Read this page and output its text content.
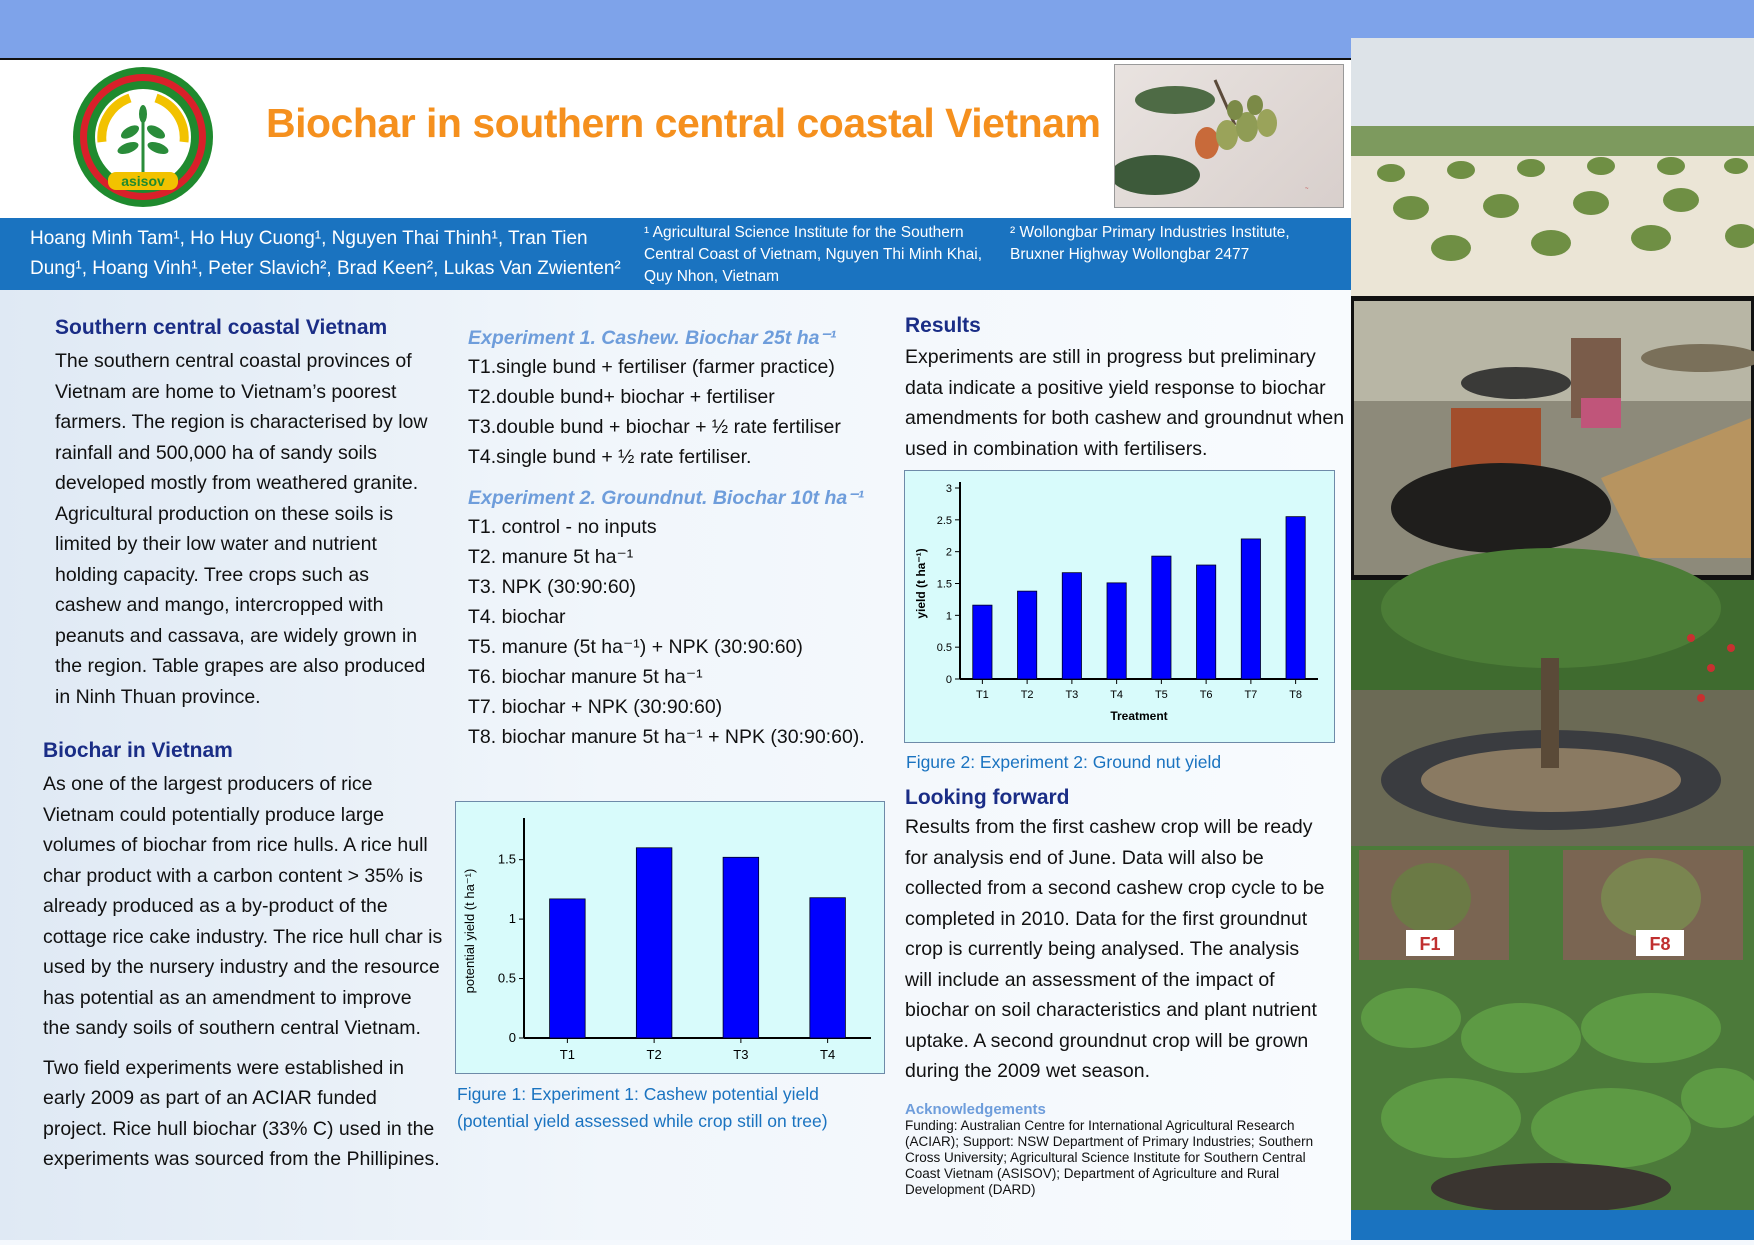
asisov
Biochar in southern central coastal Vietnam
~
Hoang Minh Tam¹, Ho Huy Cuong¹, Nguyen Thai Thinh¹, Tran Tien
Dung¹, Hoang Vinh¹, Peter Slavich², Brad Keen², Lukas Van Zwienten²
¹ Agricultural Science Institute for the Southern Central Coast of Vietnam, Nguyen Thi Minh Khai, Quy Nhon, Vietnam
² Wollongbar Primary Industries Institute, Bruxner Highway Wollongbar 2477
Southern central coastal Vietnam

The southern central coastal provinces of Vietnam are home to Vietnam’s poorest farmers. The region is characterised by low rainfall and 500,000 ha of sandy soils developed mostly from weathered granite. Agricultural production on these soils is limited by their low water and nutrient holding capacity. Tree crops such as cashew and mango, intercropped with peanuts and cassava, are widely grown in the region. Table grapes are also produced in Ninh Thuan province.

Biochar in Vietnam

As one of the largest producers of rice Vietnam could potentially produce large volumes of biochar from rice hulls. A rice hull char product with a carbon content > 35% is already produced as a by-product of the cottage rice cake industry. The rice hull char is used by the nursery industry and the resource has potential as an amendment to improve the sandy soils of southern central Vietnam.

Two field experiments were established in early 2009 as part of an ACIAR funded project. Rice hull biochar (33% C) used in the experiments was sourced from the Phillipines.

Experiment 1. Cashew. Biochar 25t ha⁻¹
T1.single bund + fertiliser (farmer practice)
T2.double bund+ biochar + fertiliser
T3.double bund + biochar + ½ rate fertiliser
T4.single bund + ½ rate fertiliser.
Experiment 2. Groundnut. Biochar 10t ha⁻¹
T1. control - no inputs
T2. manure 5t ha⁻¹
T3. NPK (30:90:60)
T4. biochar
T5. manure (5t ha⁻¹) + NPK (30:90:60)
T6. biochar manure 5t ha⁻¹
T7. biochar + NPK (30:90:60)
T8. biochar manure 5t ha⁻¹ + NPK (30:90:60).
0
0.5
1
1.5
T1	T2	T3	T4
potential yield (t ha⁻¹)
Figure 1: Experiment 1: Cashew potential yield
(potential yield assessed while crop still on tree)
Results

Experiments are still in progress but preliminary data indicate a positive yield response to biochar amendments for both cashew and groundnut when used in combination with fertilisers.

0
0.5
1
1.5
2
2.5
3
T1	T2	T3	T4	T5	T6	T7	T8
yield (t ha⁻¹)
Treatment
Figure 2: Experiment 2: Ground nut yield
Looking forward

Results from the first cashew crop will be ready for analysis end of June. Data will also be collected from a second cashew crop cycle to be completed in 2010. Data for the first groundnut crop is currently being analysed. The analysis will include an assessment of the impact of biochar on soil characteristics and plant nutrient uptake. A second groundnut crop will be grown during the 2009 wet season.

Acknowledgements
Funding: Australian Centre for International Agricultural Research (ACIAR); Support: NSW Department of Primary Industries; Southern Cross University; Agricultural Science Institute for Southern Central Coast Vietnam (ASISOV); Department of Agriculture and Rural Development (DARD)
F1	F8
